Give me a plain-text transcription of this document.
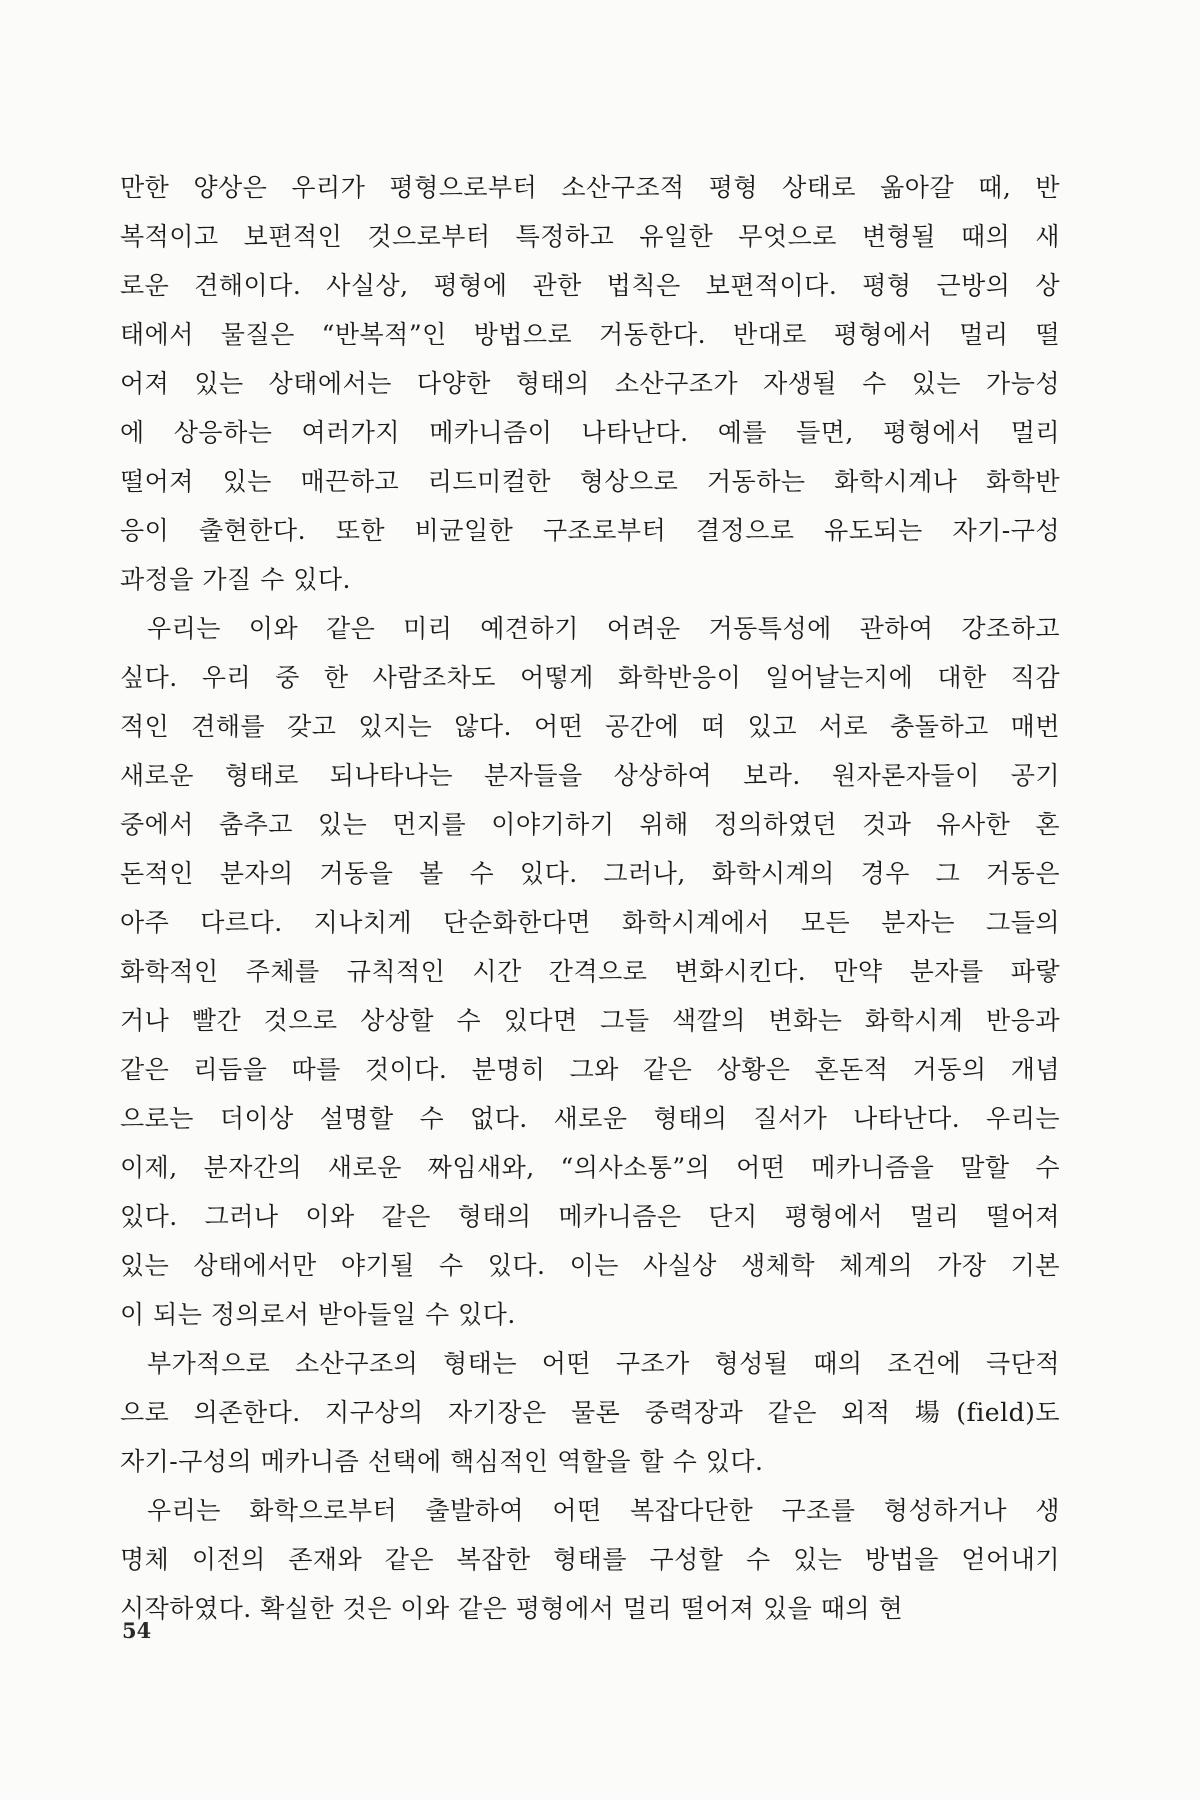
만한 양상은 우리가 평형으로부터 소산구조적 평형 상태로 옮아갈 때, 반
복적이고 보편적인 것으로부터 특정하고 유일한 무엇으로 변형될 때의 새
로운 견해이다. 사실상, 평형에 관한 법칙은 보편적이다. 평형 근방의 상
태에서 물질은 “반복적”인 방법으로 거동한다. 반대로 평형에서 멀리 떨
어져 있는 상태에서는 다양한 형태의 소산구조가 자생될 수 있는 가능성
에 상응하는 여러가지 메카니즘이 나타난다. 예를 들면, 평형에서 멀리
떨어져 있는 매끈하고 리드미컬한 형상으로 거동하는 화학시계나 화학반
응이 출현한다. 또한 비균일한 구조로부터 결정으로 유도되는 자기-구성
과정을 가질 수 있다.
우리는 이와 같은 미리 예견하기 어려운 거동특성에 관하여 강조하고
싶다. 우리 중 한 사람조차도 어떻게 화학반응이 일어날는지에 대한 직감
적인 견해를 갖고 있지는 않다. 어떤 공간에 떠 있고 서로 충돌하고 매번
새로운 형태로 되나타나는 분자들을 상상하여 보라. 원자론자들이 공기
중에서 춤추고 있는 먼지를 이야기하기 위해 정의하였던 것과 유사한 혼
돈적인 분자의 거동을 볼 수 있다. 그러나, 화학시계의 경우 그 거동은
아주 다르다. 지나치게 단순화한다면 화학시계에서 모든 분자는 그들의
화학적인 주체를 규칙적인 시간 간격으로 변화시킨다. 만약 분자를 파랗
거나 빨간 것으로 상상할 수 있다면 그들 색깔의 변화는 화학시계 반응과
같은 리듬을 따를 것이다. 분명히 그와 같은 상황은 혼돈적 거동의 개념
으로는 더이상 설명할 수 없다. 새로운 형태의 질서가 나타난다. 우리는
이제, 분자간의 새로운 짜임새와, “의사소통”의 어떤 메카니즘을 말할 수
있다. 그러나 이와 같은 형태의 메카니즘은 단지 평형에서 멀리 떨어져
있는 상태에서만 야기될 수 있다. 이는 사실상 생체학 체계의 가장 기본
이 되는 정의로서 받아들일 수 있다.
부가적으로 소산구조의 형태는 어떤 구조가 형성될 때의 조건에 극단적
으로 의존한다. 지구상의 자기장은 물론 중력장과 같은 외적 場(field)도
자기-구성의 메카니즘 선택에 핵심적인 역할을 할 수 있다.
우리는 화학으로부터 출발하여 어떤 복잡다단한 구조를 형성하거나 생
명체 이전의 존재와 같은 복잡한 형태를 구성할 수 있는 방법을 얻어내기
시작하였다. 확실한 것은 이와 같은 평형에서 멀리 떨어져 있을 때의 현
54
